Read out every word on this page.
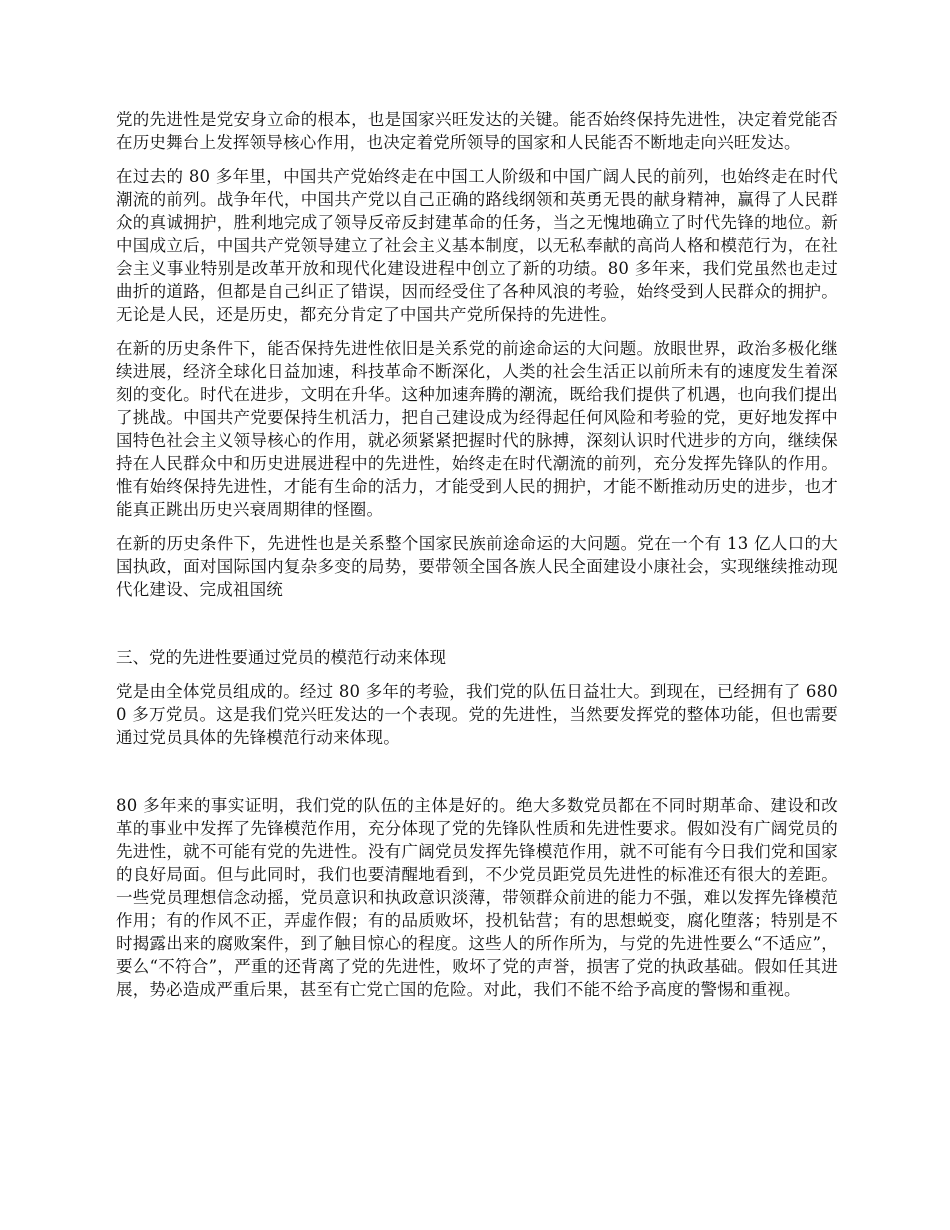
党的先进性是党安身立命的根本，也是国家兴旺发达的关键。能否始终保持先进性，决定着党能否在历史舞台上发挥领导核心作用，也决定着党所领导的国家和人民能否不断地走向兴旺发达。

在过去的 80 多年里，中国共产党始终走在中国工人阶级和中国广阔人民的前列，也始终走在时代潮流的前列。战争年代，中国共产党以自己正确的路线纲领和英勇无畏的献身精神，赢得了人民群众的真诚拥护，胜利地完成了领导反帝反封建革命的任务，当之无愧地确立了时代先锋的地位。新中国成立后，中国共产党领导建立了社会主义基本制度，以无私奉献的高尚人格和模范行为，在社会主义事业特别是改革开放和现代化建设进程中创立了新的功绩。80 多年来，我们党虽然也走过曲折的道路，但都是自己纠正了错误，因而经受住了各种风浪的考验，始终受到人民群众的拥护。无论是人民，还是历史，都充分肯定了中国共产党所保持的先进性。

在新的历史条件下，能否保持先进性依旧是关系党的前途命运的大问题。放眼世界，政治多极化继续进展，经济全球化日益加速，科技革命不断深化，人类的社会生活正以前所未有的速度发生着深刻的变化。时代在进步，文明在升华。这种加速奔腾的潮流，既给我们提供了机遇，也向我们提出了挑战。中国共产党要保持生机活力，把自己建设成为经得起任何风险和考验的党，更好地发挥中国特色社会主义领导核心的作用，就必须紧紧把握时代的脉搏，深刻认识时代进步的方向，继续保持在人民群众中和历史进展进程中的先进性，始终走在时代潮流的前列，充分发挥先锋队的作用。惟有始终保持先进性，才能有生命的活力，才能受到人民的拥护，才能不断推动历史的进步，也才能真正跳出历史兴衰周期律的怪圈。

在新的历史条件下，先进性也是关系整个国家民族前途命运的大问题。党在一个有 13 亿人口的大国执政，面对国际国内复杂多变的局势，要带领全国各族人民全面建设小康社会，实现继续推动现代化建设、完成祖国统

三、党的先进性要通过党员的模范行动来体现

党是由全体党员组成的。经过 80 多年的考验，我们党的队伍日益壮大。到现在，已经拥有了 6800 多万党员。这是我们党兴旺发达的一个表现。党的先进性，当然要发挥党的整体功能，但也需要通过党员具体的先锋模范行动来体现。

80 多年来的事实证明，我们党的队伍的主体是好的。绝大多数党员都在不同时期革命、建设和改革的事业中发挥了先锋模范作用，充分体现了党的先锋队性质和先进性要求。假如没有广阔党员的先进性，就不可能有党的先进性。没有广阔党员发挥先锋模范作用，就不可能有今日我们党和国家的良好局面。但与此同时，我们也要清醒地看到，不少党员距党员先进性的标准还有很大的差距。一些党员理想信念动摇，党员意识和执政意识淡薄，带领群众前进的能力不强，难以发挥先锋模范作用；有的作风不正，弄虚作假；有的品质败坏，投机钻营；有的思想蜕变，腐化堕落；特别是不时揭露出来的腐败案件，到了触目惊心的程度。这些人的所作所为，与党的先进性要么“不适应”，要么“不符合”，严重的还背离了党的先进性，败坏了党的声誉，损害了党的执政基础。假如任其进展，势必造成严重后果，甚至有亡党亡国的危险。对此，我们不能不给予高度的警惕和重视。
